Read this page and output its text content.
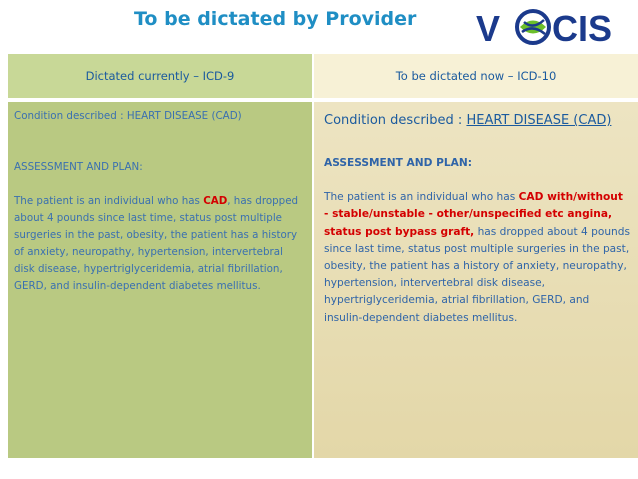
To be dictated by Provider V CIS
Dictated currently – ICD-9	To be dictated now – ICD-10

Condition described : HEART DISEASE (CAD)

ASSESSMENT AND PLAN:

The patient is an individual who has CAD, has dropped about 4 pounds since last time, status post multiple surgeries in the past, obesity, the patient has a history of anxiety, neuropathy, hypertension, intervertebral disk disease, hypertriglyceridemia, atrial fibrillation, GERD, and insulin-dependent diabetes mellitus.

Condition described : HEART DISEASE (CAD)

ASSESSMENT AND PLAN:

The patient is an individual who has CAD with/without - stable/unstable - other/unspecified etc angina, status post bypass graft, has dropped about 4 pounds since last time, status post multiple surgeries in the past, obesity, the patient has a history of anxiety, neuropathy, hypertension, intervertebral disk disease, hypertriglyceridemia, atrial fibrillation, GERD, and insulin-dependent diabetes mellitus.
